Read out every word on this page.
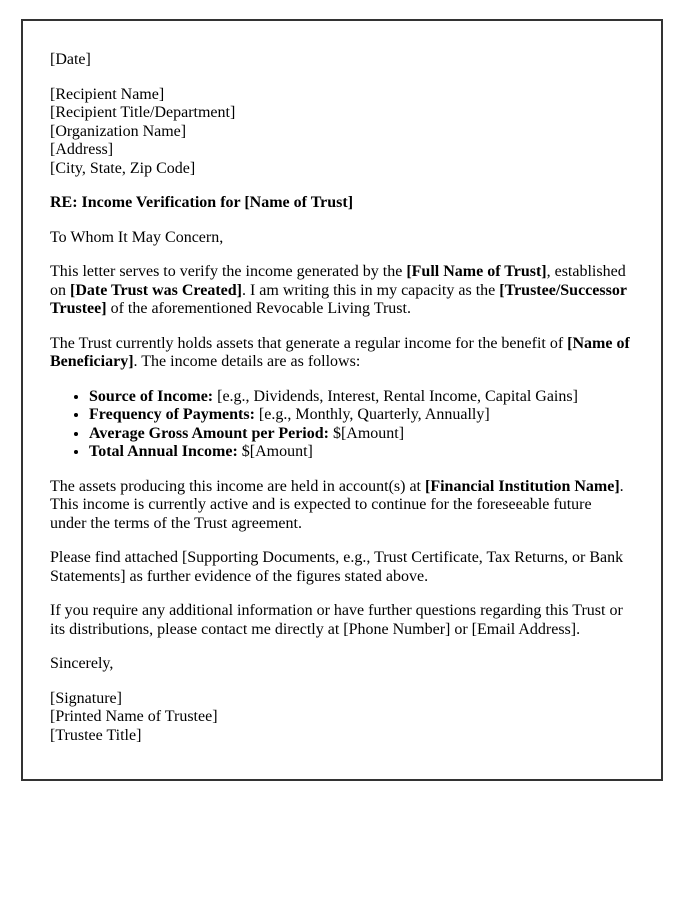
[Date]

[Recipient Name]
[Recipient Title/Department]
[Organization Name]
[Address]
[City, State, Zip Code]

RE: Income Verification for [Name of Trust]

To Whom It May Concern,

This letter serves to verify the income generated by the [Full Name of Trust], established on [Date Trust was Created]. I am writing this in my capacity as the [Trustee/Successor Trustee] of the aforementioned Revocable Living Trust.

The Trust currently holds assets that generate a regular income for the benefit of [Name of Beneficiary]. The income details are as follows:

• Source of Income: [e.g., Dividends, Interest, Rental Income, Capital Gains]
• Frequency of Payments: [e.g., Monthly, Quarterly, Annually]
• Average Gross Amount per Period: $[Amount]
• Total Annual Income: $[Amount]

The assets producing this income are held in account(s) at [Financial Institution Name]. This income is currently active and is expected to continue for the foreseeable future under the terms of the Trust agreement.

Please find attached [Supporting Documents, e.g., Trust Certificate, Tax Returns, or Bank Statements] as further evidence of the figures stated above.

If you require any additional information or have further questions regarding this Trust or its distributions, please contact me directly at [Phone Number] or [Email Address].

Sincerely,

[Signature]
[Printed Name of Trustee]
[Trustee Title]
